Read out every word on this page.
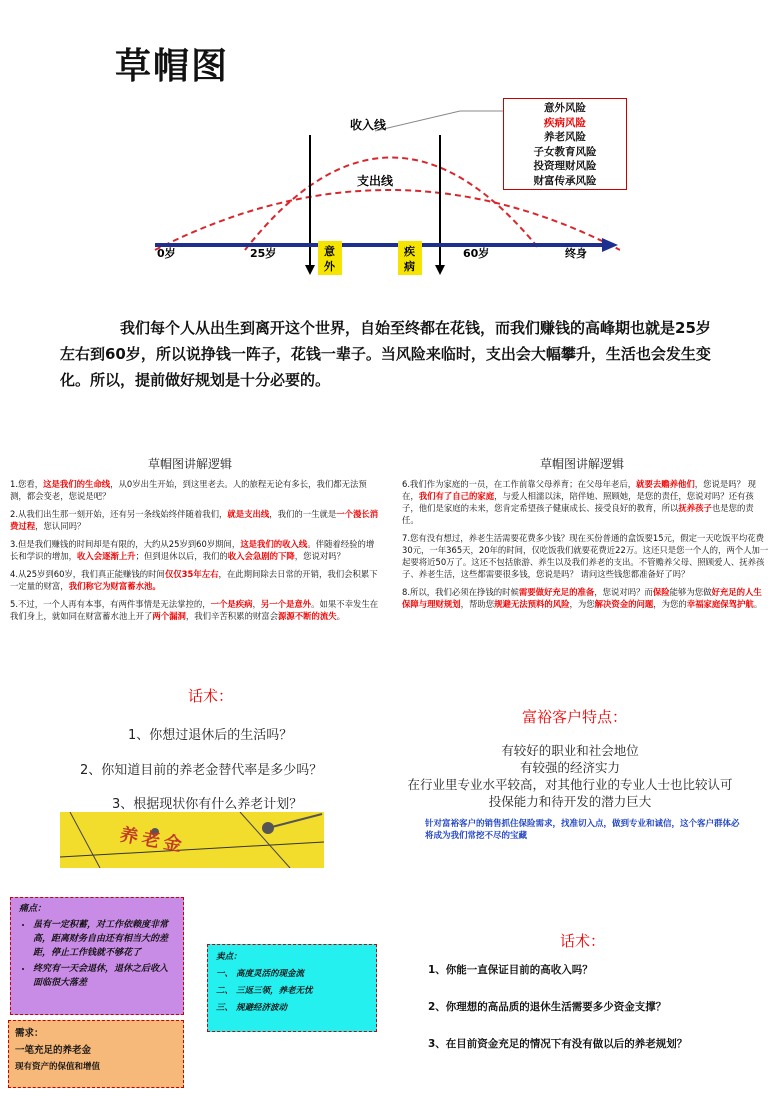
草帽图
收入线
支出线
0岁	25岁	60岁	终身
意
外
疾
病
意外风险
疾病风险
养老风险
子女教育风险
投资理财风险
财富传承风险
我们每个人从出生到离开这个世界，自始至终都在花钱，而我们赚钱的高峰期也就是25岁左右到60岁，所以说挣钱一阵子，花钱一辈子。当风险来临时，支出会大幅攀升，生活也会发生变化。所以，提前做好规划是十分必要的。
草帽图讲解逻辑	草帽图讲解逻辑

1.您看，这是我们的生命线，从0岁出生开始，到这里老去。人的旅程无论有多长，我们都无法预测，都会变老，您说是吧？

2.从我们出生那一刻开始，还有另一条线始终伴随着我们，就是支出线，我们的一生就是一个漫长消费过程，您认同吗？

3.但是我们赚钱的时间却是有限的，大约从25岁到60岁期间，这是我们的收入线。伴随着经验的增长和学识的增加，收入会逐渐上升；但到退休以后，我们的收入会急剧的下降，您说对吗？

4.从25岁到60岁，我们真正能赚钱的时间仅仅35年左右，在此期间除去日常的开销，我们会积累下一定量的财富，我们称它为财富蓄水池。

5.不过，一个人再有本事，有两件事情是无法掌控的，一个是疾病，另一个是意外。如果不幸发生在我们身上，就如同在财富蓄水池上开了两个漏洞，我们辛苦积累的财富会源源不断的流失。

6.我们作为家庭的一员，在工作前靠父母养育；在父母年老后，就要去赡养他们，您说是吗？ 现在，我们有了自己的家庭，与爱人相濡以沫，陪伴她、照顾她，是您的责任，您说对吗？还有孩子，他们是家庭的未来，您肯定希望孩子健康成长、接受良好的教育，所以抚养孩子也是您的责任。

7.您有没有想过，养老生活需要花费多少钱？现在买份普通的盒饭要15元，假定一天吃饭平均花费30元，一年365天，20年的时间，仅吃饭我们就要花费近22万。这还只是您一个人的，两个人加一起要将近50万了。这还不包括旅游、养生以及我们养老的支出。不管赡养父母、照顾爱人、抚养孩子、养老生活，这些都需要很多钱，您说是吗？ 请问这些钱您都准备好了吗？

8.所以，我们必须在挣钱的时候需要做好充足的准备，您说对吗？而保险能够为您做好充足的人生保障与理财规划，帮助您规避无法预料的风险，为您解决资金的问题，为您的幸福家庭保驾护航。

话术：
1、你想过退休后的生活吗？
2、你知道目前的养老金替代率是多少吗？
3、根据现状你有什么养老计划？
养老金
富裕客户特点：
有较好的职业和社会地位
有较强的经济实力
在行业里专业水平较高，对其他行业的专业人士也比较认可
投保能力和待开发的潜力巨大
针对富裕客户的销售抓住保险需求，找准切入点，做到专业和诚信，这个客户群体必将成为我们常挖不尽的宝藏
痛点：
• 虽有一定积蓄，对工作依赖度非常高，距离财务自由还有相当大的差距，停止工作钱就不够花了
• 终究有一天会退休，退休之后收入面临很大落差
需求：
一笔充足的养老金
现有资产的保值和增值
卖点：
一、 高度灵活的现金流
二、 三返三领，养老无忧
三、 规避经济波动
话术：
1、你能一直保证目前的高收入吗？
2、你理想的高品质的退休生活需要多少资金支撑？
3、在目前资金充足的情况下有没有做以后的养老规划？
